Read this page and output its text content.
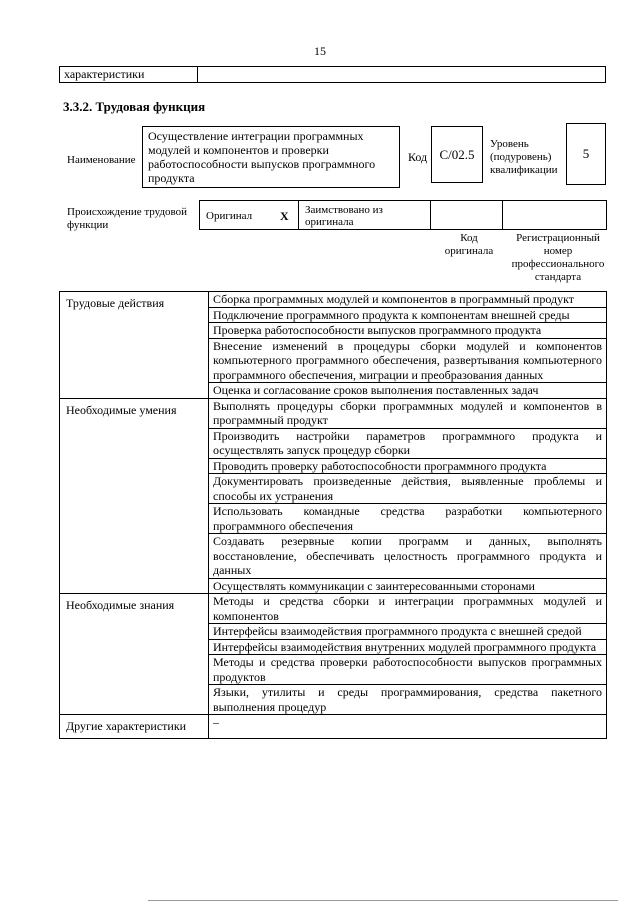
15
характеристики
3.3.2. Трудовая функция
Наименование
Осуществление интеграции программных модулей и компонентов и проверки работоспособности выпусков программного продукта
Код C/02.5
Уровень (подуровень) квалификации
5
Происхождение трудовой функции
Оригинал X Заимствовано из оригинала
Код оригинала
Регистрационный номер профессионального стандарта
Трудовые действия	Сборка программных модулей и компонентов в программный продукт
	Подключение программного продукта к компонентам внешней среды
	Проверка работоспособности выпусков программного продукта
	Внесение изменений в процедуры сборки модулей и компонентов компьютерного программного обеспечения, развертывания компьютерного программного обеспечения, миграции и преобразования данных
	Оценка и согласование сроков выполнения поставленных задач
Необходимые умения	Выполнять процедуры сборки программных модулей и компонентов в программный продукт
	Производить настройки параметров программного продукта и осуществлять запуск процедур сборки
	Проводить проверку работоспособности программного продукта
	Документировать произведенные действия, выявленные проблемы и способы их устранения
	Использовать командные средства разработки компьютерного программного обеспечения
	Создавать резервные копии программ и данных, выполнять восстановление, обеспечивать целостность программного продукта и данных
	Осуществлять коммуникации с заинтересованными сторонами
Необходимые знания	Методы и средства сборки и интеграции программных модулей и компонентов
	Интерфейсы взаимодействия программного продукта с внешней средой
	Интерфейсы взаимодействия внутренних модулей программного продукта
	Методы и средства проверки работоспособности выпусков программных продуктов
	Языки, утилиты и среды программирования, средства пакетного выполнения процедур
Другие характеристики	–
